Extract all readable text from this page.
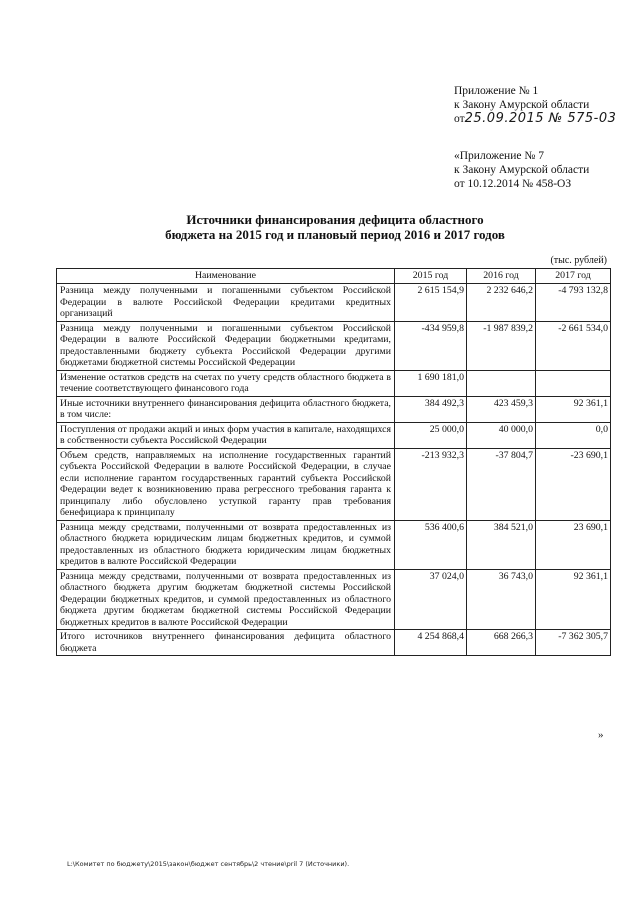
Приложение № 1
к Закону Амурской области
от25.09.2015 № 575-03
«Приложение № 7
к Закону Амурской области
от 10.12.2014 № 458-ОЗ
Источники финансирования дефицита областного
бюджета на 2015 год и плановый период 2016 и 2017 годов
(тыс. рублей)
Наименование	2015 год	2016 год	2017 год
Разница между полученными и погашенными субъектом Российской Федерации в валюте Российской Федерации кредитами кредитных организаций	2 615 154,9	2 232 646,2	-4 793 132,8
Разница между полученными и погашенными субъектом Российской Федерации в валюте Российской Федерации бюджетными кредитами, предоставленными бюджету субъекта Российской Федерации другими бюджетами бюджетной системы Российской Федерации	-434 959,8	-1 987 839,2	-2 661 534,0
Изменение остатков средств на счетах по учету средств областного бюджета в течение соответствующего финансового года	1 690 181,0		
Иные источники внутреннего финансирования дефицита областного бюджета, в том числе:	384 492,3	423 459,3	92 361,1
Поступления от продажи акций и иных форм участия в капитале, находящихся в собственности субъекта Российской Федерации	25 000,0	40 000,0	0,0
Объем средств, направляемых на исполнение государственных гарантий субъекта Российской Федерации в валюте Российской Федерации, в случае если исполнение гарантом государственных гарантий субъекта Российской Федерации ведет к возникновению права регрессного требования гаранта к принципалу либо обусловлено уступкой гаранту прав требования бенефициара к принципалу	-213 932,3	-37 804,7	-23 690,1
Разница между средствами, полученными от возврата предоставленных из областного бюджета юридическим лицам бюджетных кредитов, и суммой предоставленных из областного бюджета юридическим лицам бюджетных кредитов в валюте Российской Федерации	536 400,6	384 521,0	23 690,1
Разница между средствами, полученными от возврата предоставленных из областного бюджета другим бюджетам бюджетной системы Российской Федерации бюджетных кредитов, и суммой предоставленных из областного бюджета другим бюджетам бюджетной системы Российской Федерации бюджетных кредитов в валюте Российской Федерации	37 024,0	36 743,0	92 361,1
Итого источников внутреннего финансирования дефицита областного бюджета	4 254 868,4	668 266,3	-7 362 305,7
»
L:\Комитет по бюджету\2015\закон\бюджет сентябрь\2 чтение\pril 7 (Источники).
